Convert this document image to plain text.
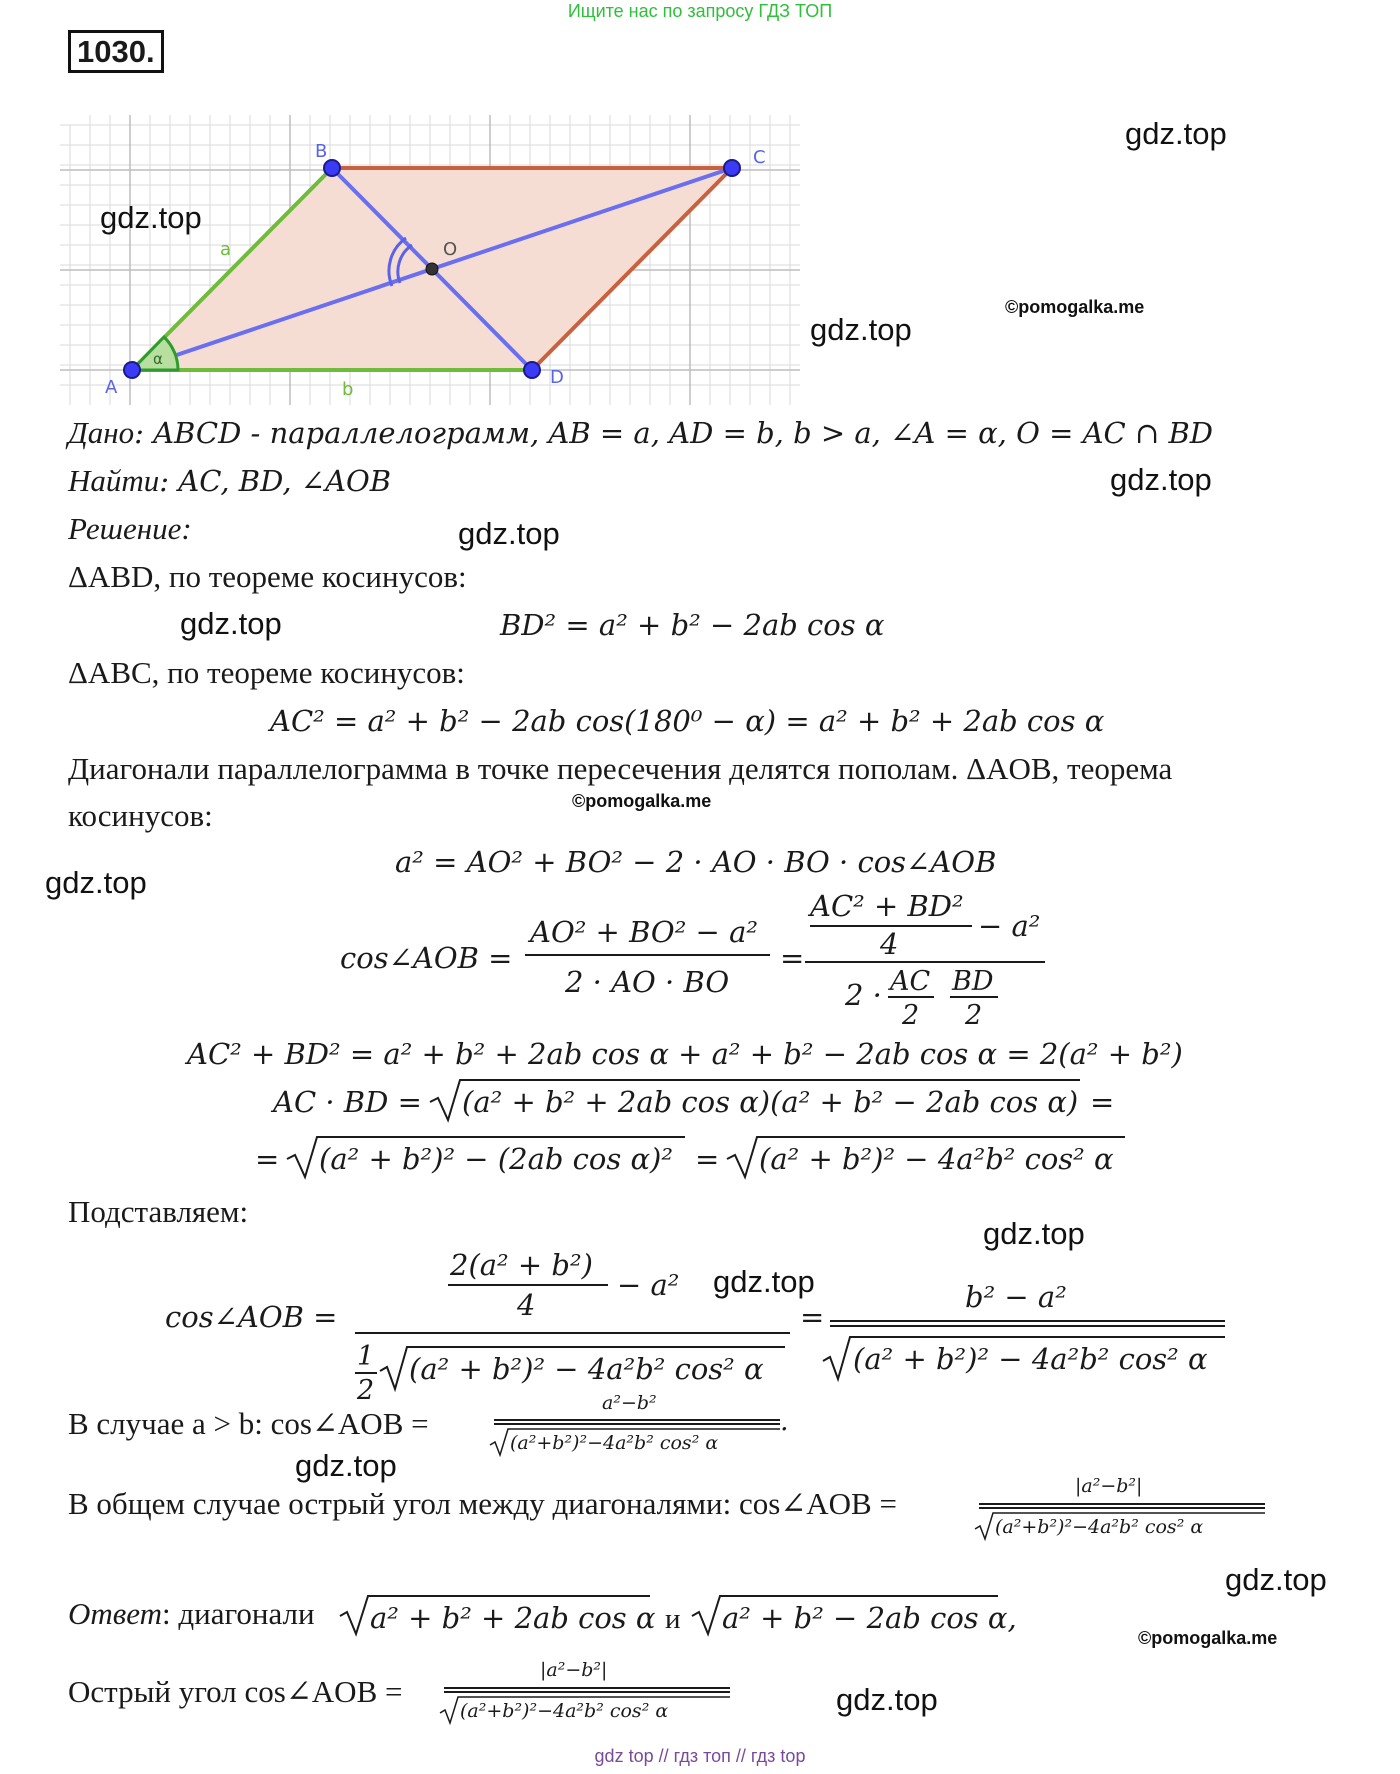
Ищите нас по запросу ГДЗ ТОП
1030.
A
B	C
D
O
a
b
α
gdz.top
gdz.top
©pomogalka.me
gdz.top
gdz.top
gdz.top
gdz.top
©pomogalka.me
gdz.top
gdz.top
gdz.top
gdz.top
gdz.top
©pomogalka.me
gdz.top
Дано: ABCD - параллелограмм, AB = a, AD = b, b > a, ∠A = α, O = AC ∩ BD
Найти: AC, BD, ∠AOB
Решение:
ΔABD, по теореме косинусов:
BD² = a² + b² − 2ab cos α
ΔABC, по теореме косинусов:
AC² = a² + b² − 2ab cos(180⁰ − α) = a² + b² + 2ab cos α
Диагонали параллелограмма в точке пересечения делятся пополам. ΔAOB, теорема
косинусов:
a² = AO² + BO² − 2 · AO · BO · cos∠AOB
cos∠AOB =
AO² + BO² − a²
2 · AO · BO
=
AC² + BD²
4
− a²
2 · AC
2
BD
2
AC² + BD² = a² + b² + 2ab cos α + a² + b² − 2ab cos α = 2(a² + b²)
AC · BD = (a² + b² + 2ab cos α)(a² + b² − 2ab cos α) =
= (a² + b²)² − (2ab cos α)² = (a² + b²)² − 4a²b² cos² α
Подставляем:
cos∠AOB =
2(a² + b²)
4
− a²
1
2
(a² + b²)² − 4a²b² cos² α
=
b² − a²
(a² + b²)² − 4a²b² cos² α
В случае a > b: cos∠AOB =
a²−b²
(a²+b²)²−4a²b² cos² α
.
В общем случае острый угол между диагоналями: cos∠AOB =	|a²−b²|
(a²+b²)²−4a²b² cos² α
Ответ: диагонали a² + b² + 2ab cos α и a² + b² − 2ab cos α,
Острый угол cos∠AOB =
|a²−b²|
(a²+b²)²−4a²b² cos² α
gdz top // гдз топ // гдз top
